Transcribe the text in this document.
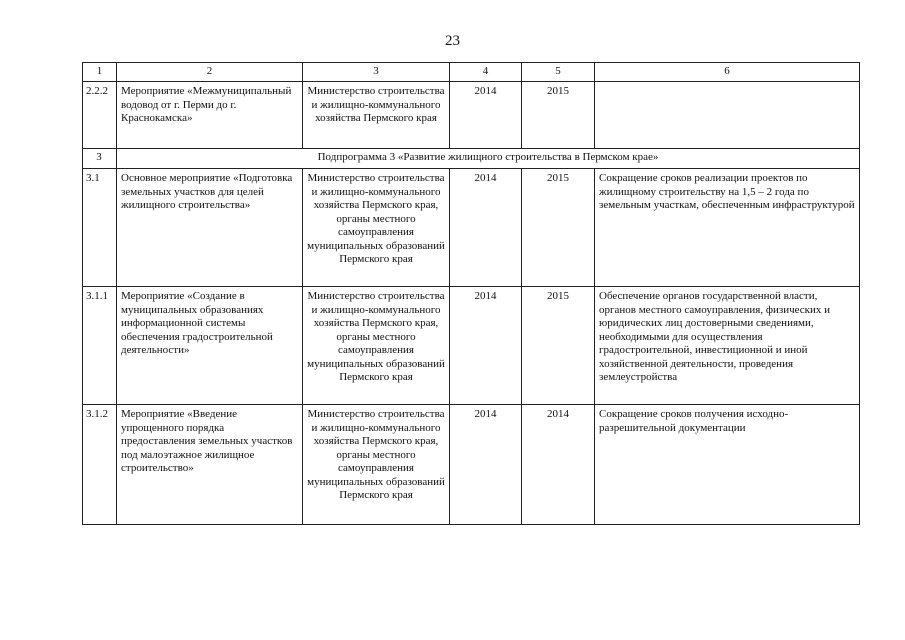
23
1	2	3	4	5	6
2.2.2	Мероприятие «Межмуниципальный водовод от г. Перми до г. Краснокамска»	Министерство строительства и жилищно-коммунального хозяйства Пермского края	2014	2015	
3	Подпрограмма 3 «Развитие жилищного строительства в Пермском крае»				
3.1	Основное мероприятие «Подготовка земельных участков для целей жилищного строительства»	Министерство строительства и жилищно-коммунального хозяйства Пермского края, органы местного самоуправления муниципальных образований Пермского края	2014	2015	Сокращение сроков реализации проектов по жилищному строительству на 1,5 – 2 года по земельным участкам, обеспеченным инфраструктурой
3.1.1	Мероприятие «Создание в муниципальных образованиях информационной системы обеспечения градостроительной деятельности»	Министерство строительства и жилищно-коммунального хозяйства Пермского края, органы местного самоуправления муниципальных образований Пермского края	2014	2015	Обеспечение органов государственной власти, органов местного самоуправления, физических и юридических лиц достоверными сведениями, необходимыми для осуществления градостроительной, инвестиционной и иной хозяйственной деятельности, проведения землеустройства
3.1.2	Мероприятие «Введение упрощенного порядка предоставления земельных участков под малоэтажное жилищное строительство»	Министерство строительства и жилищно-коммунального хозяйства Пермского края, органы местного самоуправления муниципальных образований Пермского края	2014	2014	Сокращение сроков получения исходно-разрешительной документации
